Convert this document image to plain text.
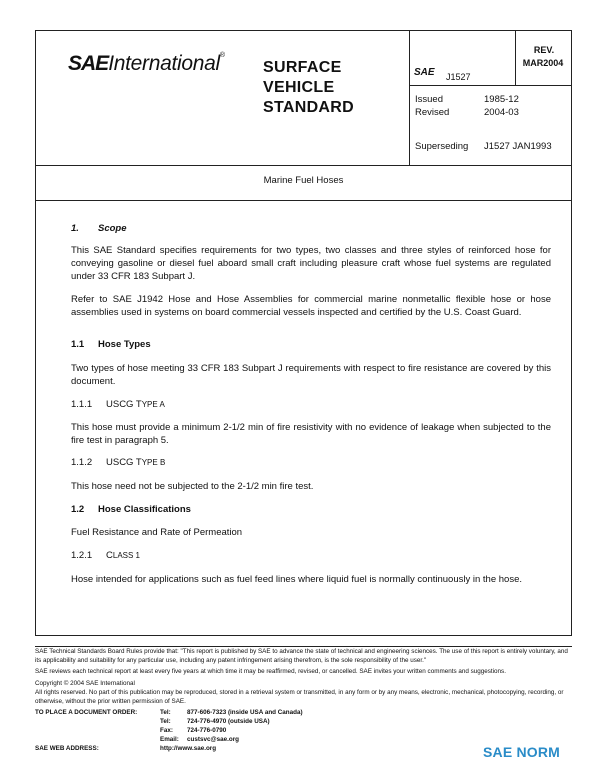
SAEInternational®
SURFACE
VEHICLE
STANDARD
SAE J1527
REV.
MAR2004
Issued	1985-12
Revised	2004-03
Superseding J1527 JAN1993
Marine Fuel Hoses
1. Scope
This SAE Standard specifies requirements for two types, two classes and three styles of reinforced hose for conveying gasoline or diesel fuel aboard small craft including pleasure craft whose fuel systems are regulated under 33 CFR 183 Subpart J.
Refer to SAE J1942 Hose and Hose Assemblies for commercial marine nonmetallic flexible hose or hose assemblies used in systems on board commercial vessels inspected and certified by the U.S. Coast Guard.
1.1 Hose Types
Two types of hose meeting 33 CFR 183 Subpart J requirements with respect to fire resistance are covered by this document.
1.1.1 USCG TYPE A
This hose must provide a minimum 2-1/2 min of fire resistivity with no evidence of leakage when subjected to the fire test in paragraph 5.
1.1.2 USCG TYPE B
This hose need not be subjected to the 2-1/2 min fire test.
1.2 Hose Classifications
Fuel Resistance and Rate of Permeation
1.2.1 CLASS 1
Hose intended for applications such as fuel feed lines where liquid fuel is normally continuously in the hose.
SAE Technical Standards Board Rules provide that: "This report is published by SAE to advance the state of technical and engineering sciences. The use of this report is entirely voluntary, and its applicability and suitability for any particular use, including any patent infringement arising therefrom, is the sole responsibility of the user."
SAE reviews each technical report at least every five years at which time it may be reaffirmed, revised, or cancelled. SAE invites your written comments and suggestions.
Copyright © 2004 SAE International
All rights reserved. No part of this publication may be reproduced, stored in a retrieval system or transmitted, in any form or by any means, electronic, mechanical, photocopying, recording, or otherwise, without the prior written permission of SAE.
TO PLACE A DOCUMENT ORDER:	Tel:	877-606-7323 (inside USA and Canada)
Tel:	724-776-4970 (outside USA)
Fax: 724-776-0790
Email: custsvc@sae.org
SAE WEB ADDRESS:	http://www.sae.org	SAE NORM
